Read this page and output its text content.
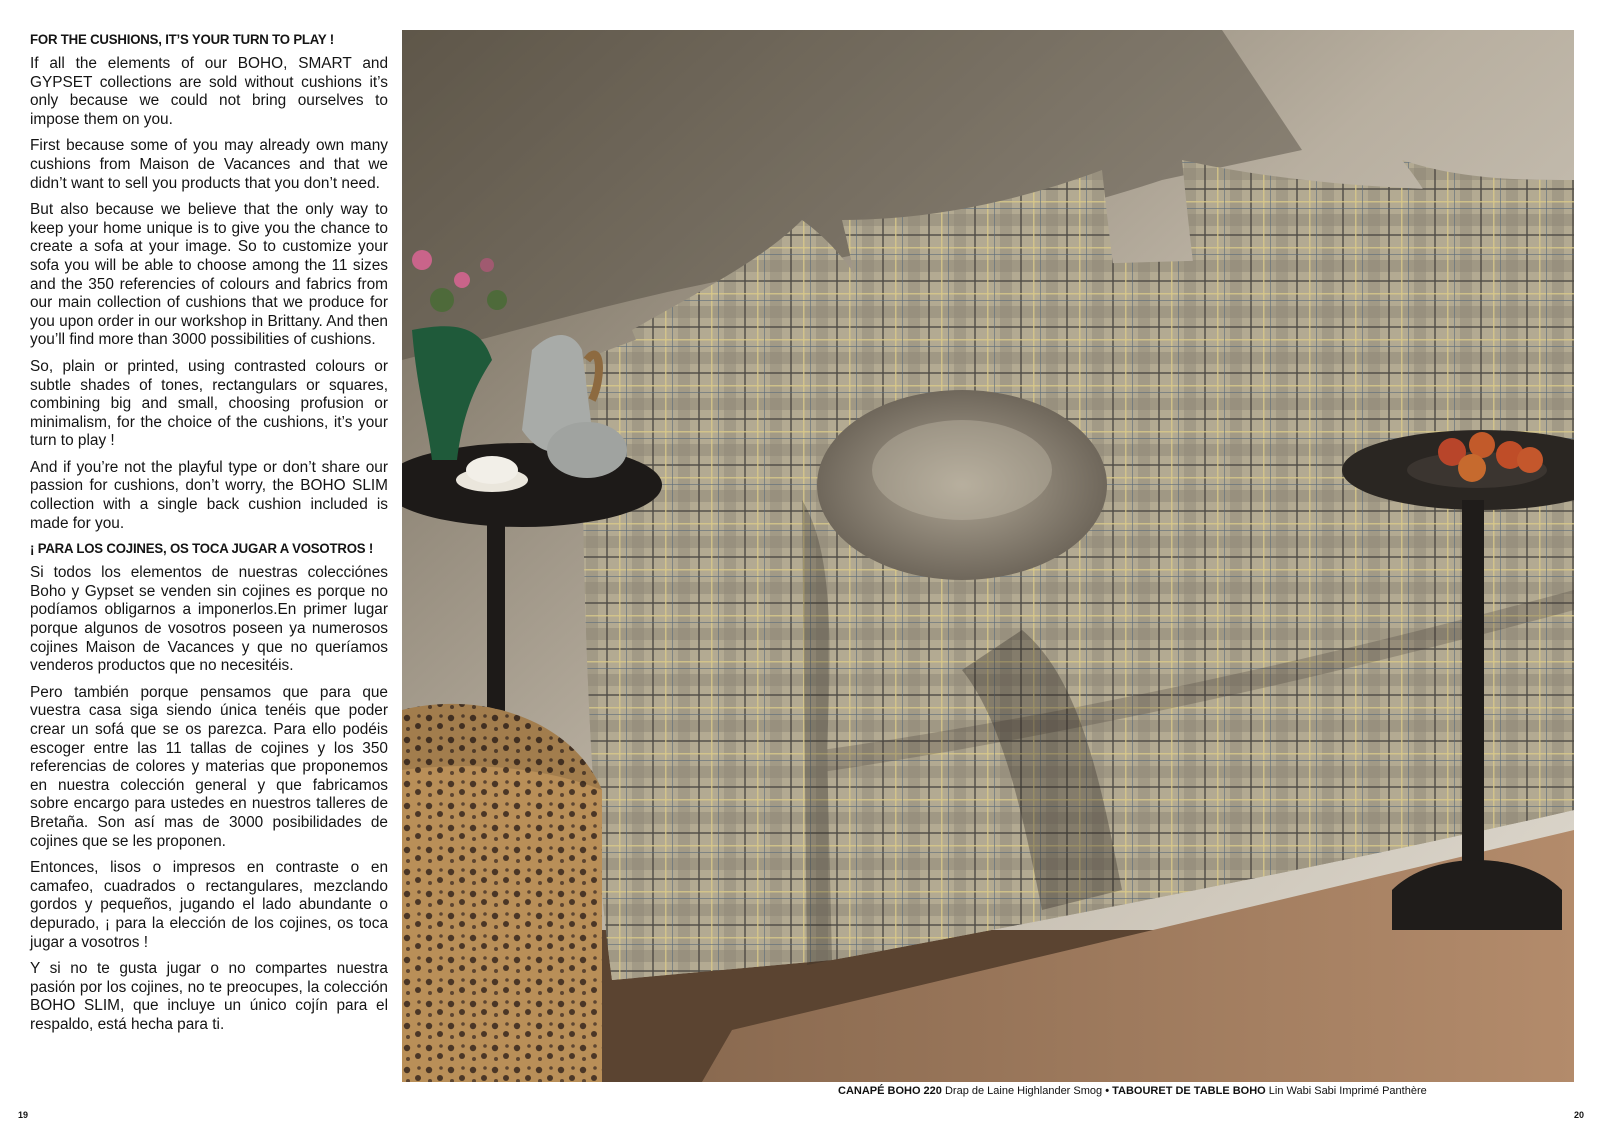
FOR THE CUSHIONS, IT’S YOUR TURN TO PLAY !

If all the elements of our BOHO, SMART and GYPSET collections are sold without cushions it’s only because we could not bring ourselves to impose them on you.

First because some of you may already own many cushions from Maison de Vacances and that we didn’t want to sell you products that you don’t need.

But also because we believe that the only way to keep your home unique is to give you the chance to create a sofa at your image. So to customize your sofa you will be able to choose among the 11 sizes and the 350 referencies of colours and fabrics from our main collection of cushions that we produce for you upon order in our workshop in Brittany. And then you’ll find more than 3000 possibilities of cushions.

So, plain or printed, using contrasted colours or subtle shades of tones, rectangulars or squares, combining big and small, choosing profusion or minimalism, for the choice of the cushions, it’s your turn to play !

And if you’re not the playful type or don’t share our passion for cushions, don’t worry, the BOHO SLIM collection with a single back cushion included is made for you.

¡ PARA LOS COJINES, OS TOCA JUGAR A VOSOTROS !

Si todos los elementos de nuestras colecciónes Boho y Gypset se venden sin cojines es porque no podíamos obligarnos a imponerlos.En primer lugar porque algunos de vosotros poseen ya numerosos cojines Maison de Vacances y que no queríamos venderos productos que no necesitéis.

Pero también porque pensamos que para que vuestra casa siga siendo única tenéis que poder crear un sofá que se os parezca. Para ello podéis escoger entre las 11 tallas de cojines y los 350 referencias de colores y materias que proponemos en nuestra colección general y que fabricamos sobre encargo para ustedes en nuestros talleres de Bretaña. Son así mas de 3000 posibilidades de cojines que se les proponen.

Entonces, lisos o impresos en contraste o en camafeo, cuadrados o rectangulares, mezclando gordos y pequeños, jugando el lado abundante o depurado, ¡ para la elección de los cojines, os toca jugar a vosotros !

Y si no te gusta jugar o no compartes nuestra pasión por los cojines, no te preocupes, la colección BOHO SLIM, que incluye un único cojín para el respaldo, está hecha para ti.

CANAPÉ BOHO 220 Drap de Laine Highlander Smog • TABOURET DE TABLE BOHO Lin Wabi Sabi Imprimé Panthère
19	20
